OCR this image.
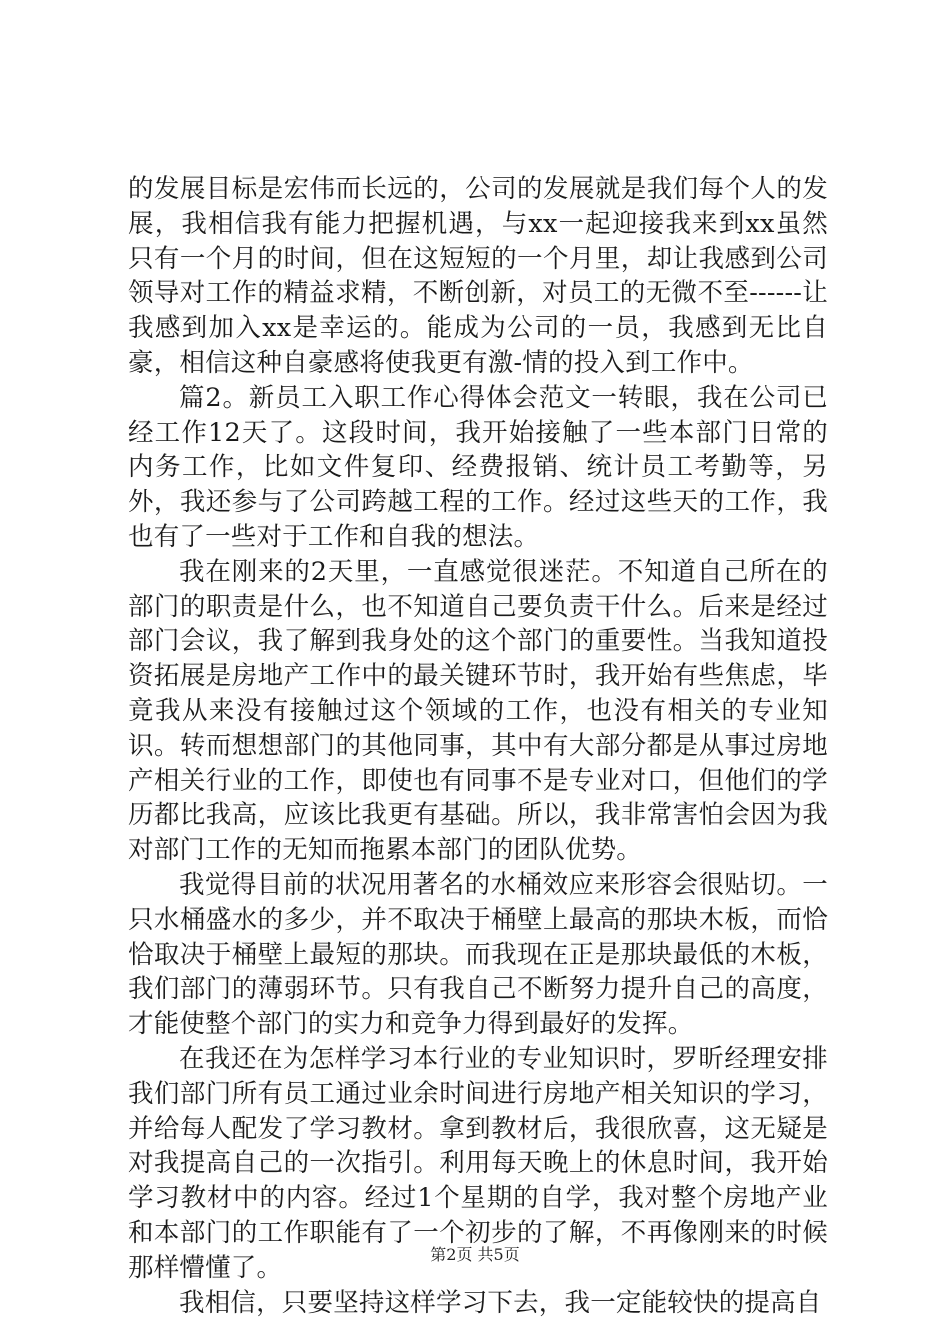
的发展目标是宏伟而长远的，公司的发展就是我们每个人的发展，我相信我有能力把握机遇，与xx一起迎接我来到xx虽然只有一个月的时间，但在这短短的一个月里，却让我感到公司领导对工作的精益求精，不断创新，对员工的无微不至------让我感到加入xx是幸运的。能成为公司的一员，我感到无比自豪，相信这种自豪感将使我更有激-情的投入到工作中。

篇2。新员工入职工作心得体会范文一转眼，我在公司已经工作12天了。这段时间，我开始接触了一些本部门日常的内务工作，比如文件复印、经费报销、统计员工考勤等，另外，我还参与了公司跨越工程的工作。经过这些天的工作，我也有了一些对于工作和自我的想法。

我在刚来的2天里，一直感觉很迷茫。不知道自己所在的部门的职责是什么，也不知道自己要负责干什么。后来是经过部门会议，我了解到我身处的这个部门的重要性。当我知道投资拓展是房地产工作中的最关键环节时，我开始有些焦虑，毕竟我从来没有接触过这个领域的工作，也没有相关的专业知识。转而想想部门的其他同事，其中有大部分都是从事过房地产相关行业的工作，即使也有同事不是专业对口，但他们的学历都比我高，应该比我更有基础。所以，我非常害怕会因为我对部门工作的无知而拖累本部门的团队优势。

我觉得目前的状况用著名的水桶效应来形容会很贴切。一只水桶盛水的多少，并不取决于桶壁上最高的那块木板，而恰恰取决于桶壁上最短的那块。而我现在正是那块最低的木板，我们部门的薄弱环节。只有我自己不断努力提升自己的高度，才能使整个部门的实力和竞争力得到最好的发挥。

在我还在为怎样学习本行业的专业知识时，罗昕经理安排我们部门所有员工通过业余时间进行房地产相关知识的学习，并给每人配发了学习教材。拿到教材后，我很欣喜，这无疑是对我提高自己的一次指引。利用每天晚上的休息时间，我开始学习教材中的内容。经过1个星期的自学，我对整个房地产业和本部门的工作职能有了一个初步的了解，不再像刚来的时候那样懵懂了。

我相信，只要坚持这样学习下去，我一定能较快的提高自

第2页 共5页
